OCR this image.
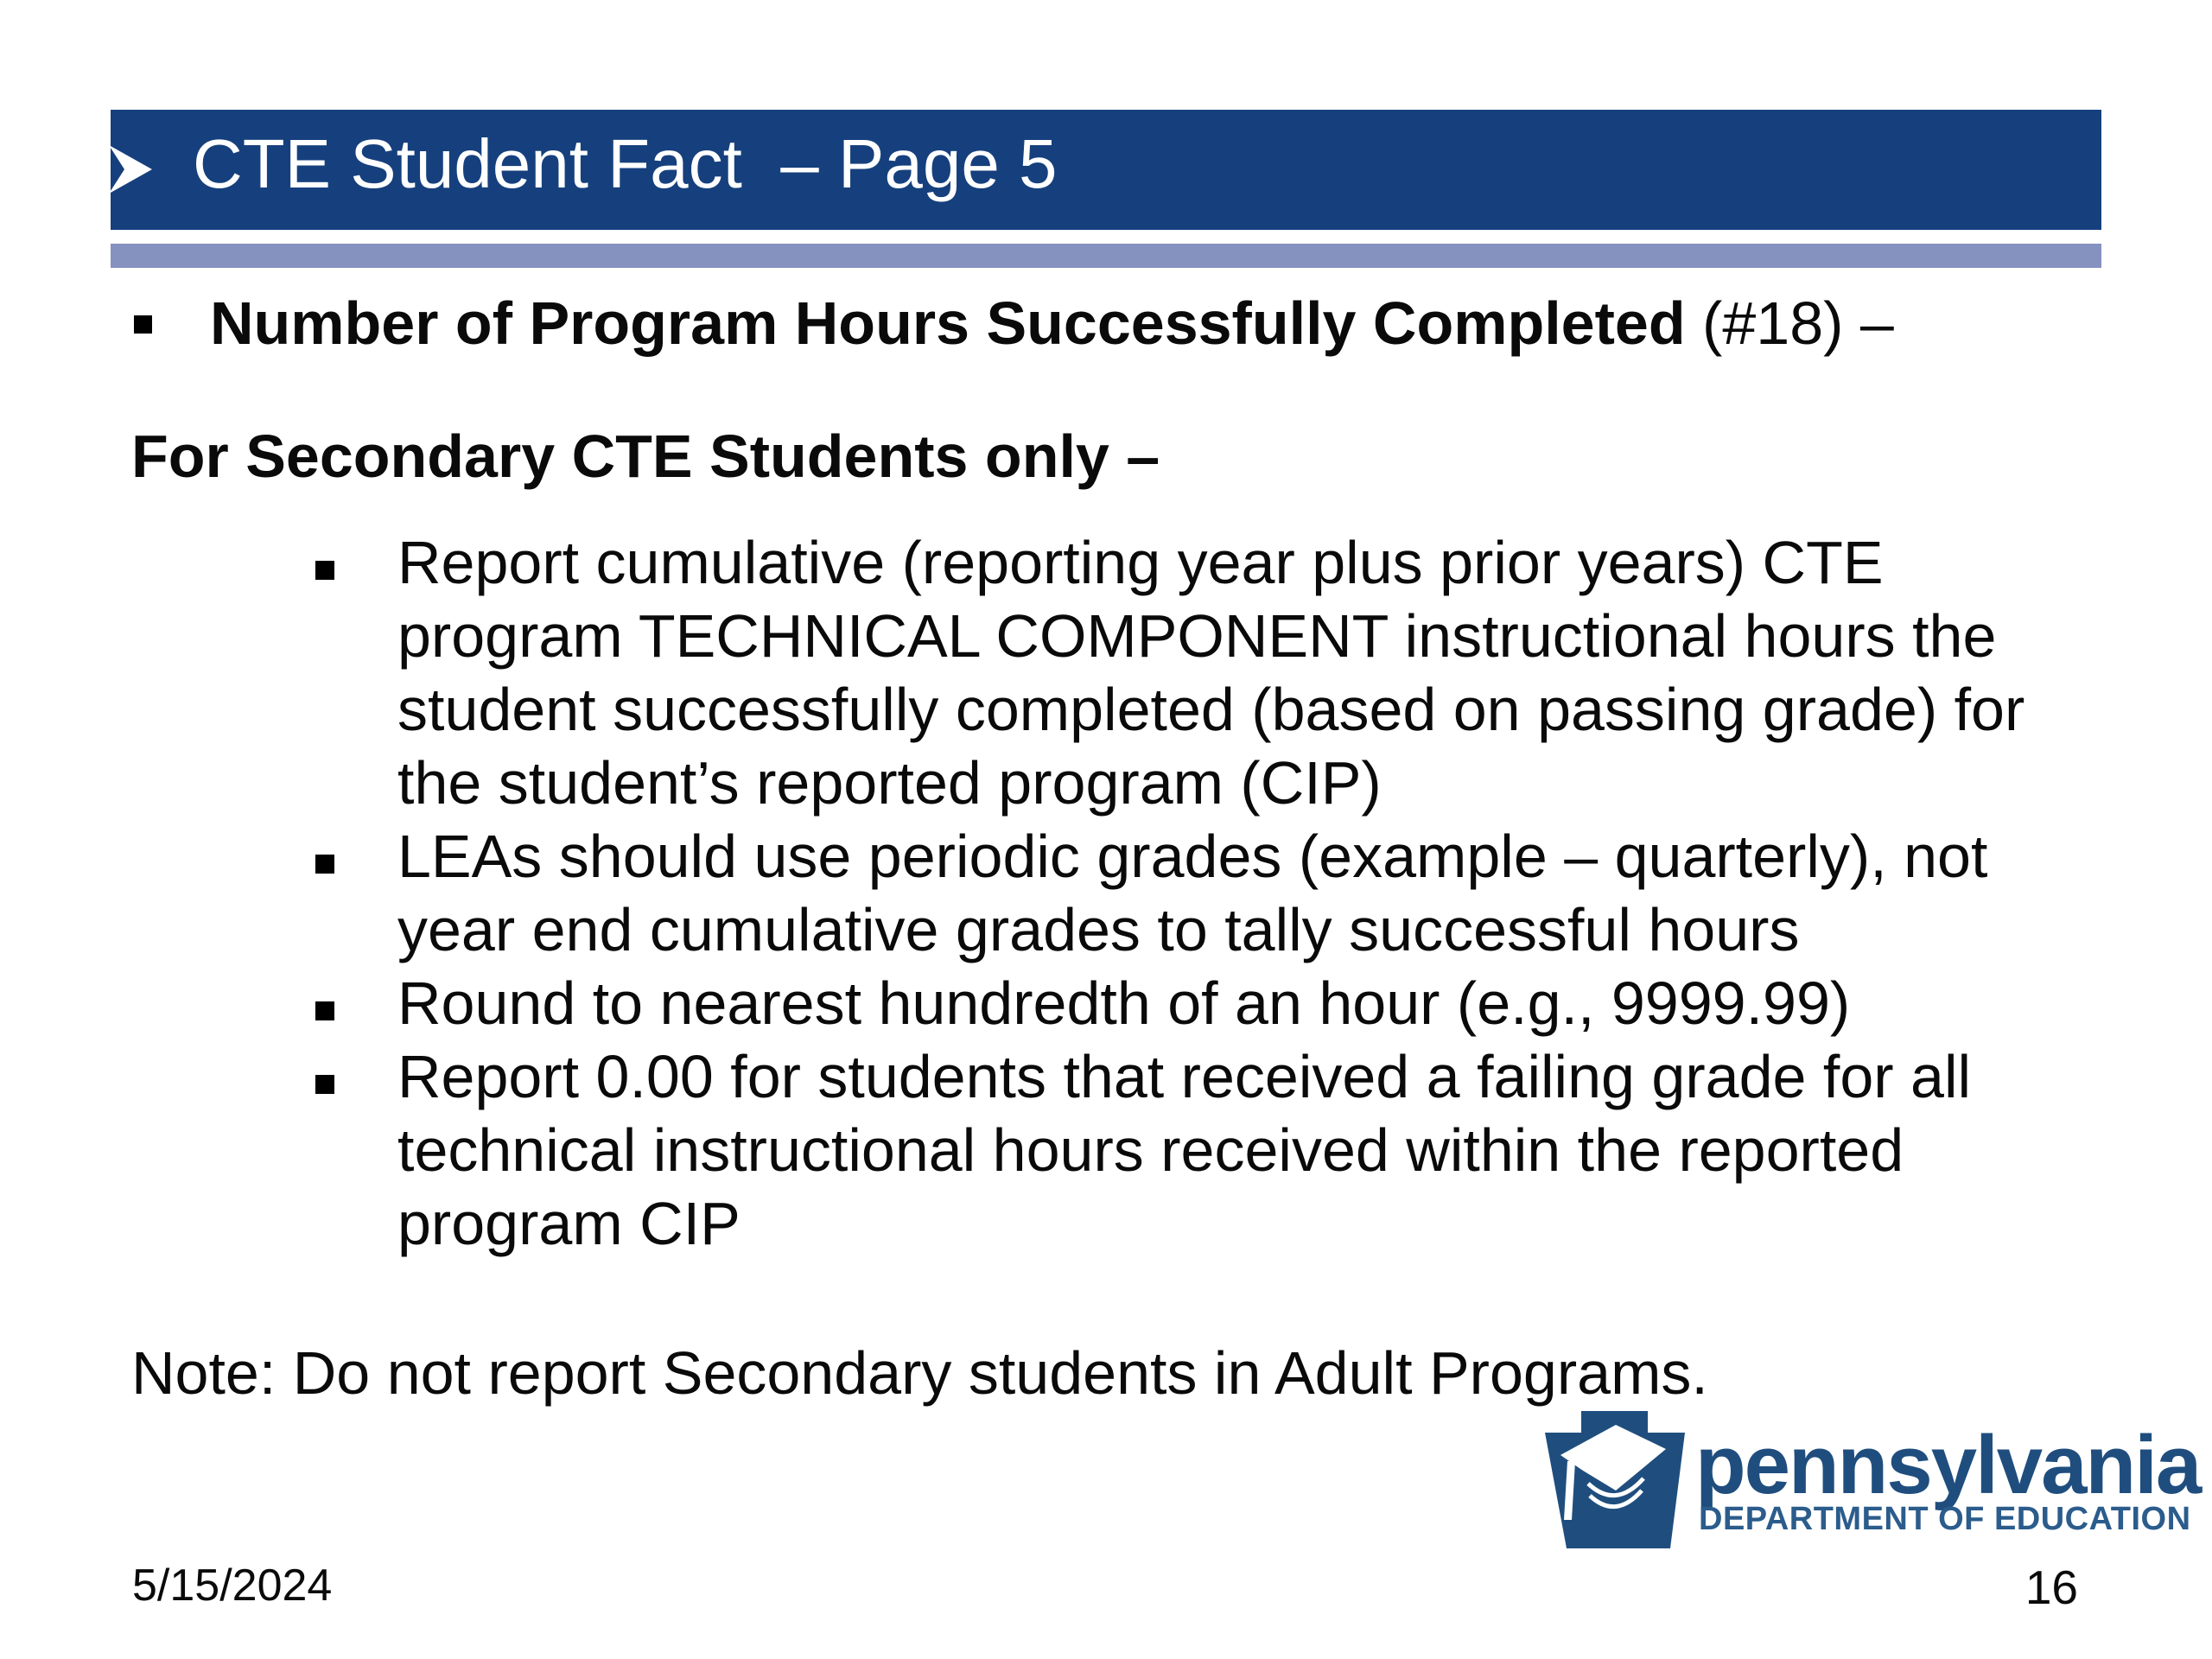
CTE Student Fact  – Page 5
Number of Program Hours Successfully Completed (#18) –
For Secondary CTE Students only –
Report cumulative (reporting year plus prior years) CTE
program TECHNICAL COMPONENT instructional hours the
student successfully completed (based on passing grade) for
the student’s reported program (CIP)
LEAs should use periodic grades (example – quarterly), not
year end cumulative grades to tally successful hours
Round to nearest hundredth of an hour (e.g., 9999.99)
Report 0.00 for students that received a failing grade for all
technical instructional hours received within the reported
program CIP
Note: Do not report Secondary students in Adult Programs.
pennsylvania
DEPARTMENT OF EDUCATION
5/15/2024	16
